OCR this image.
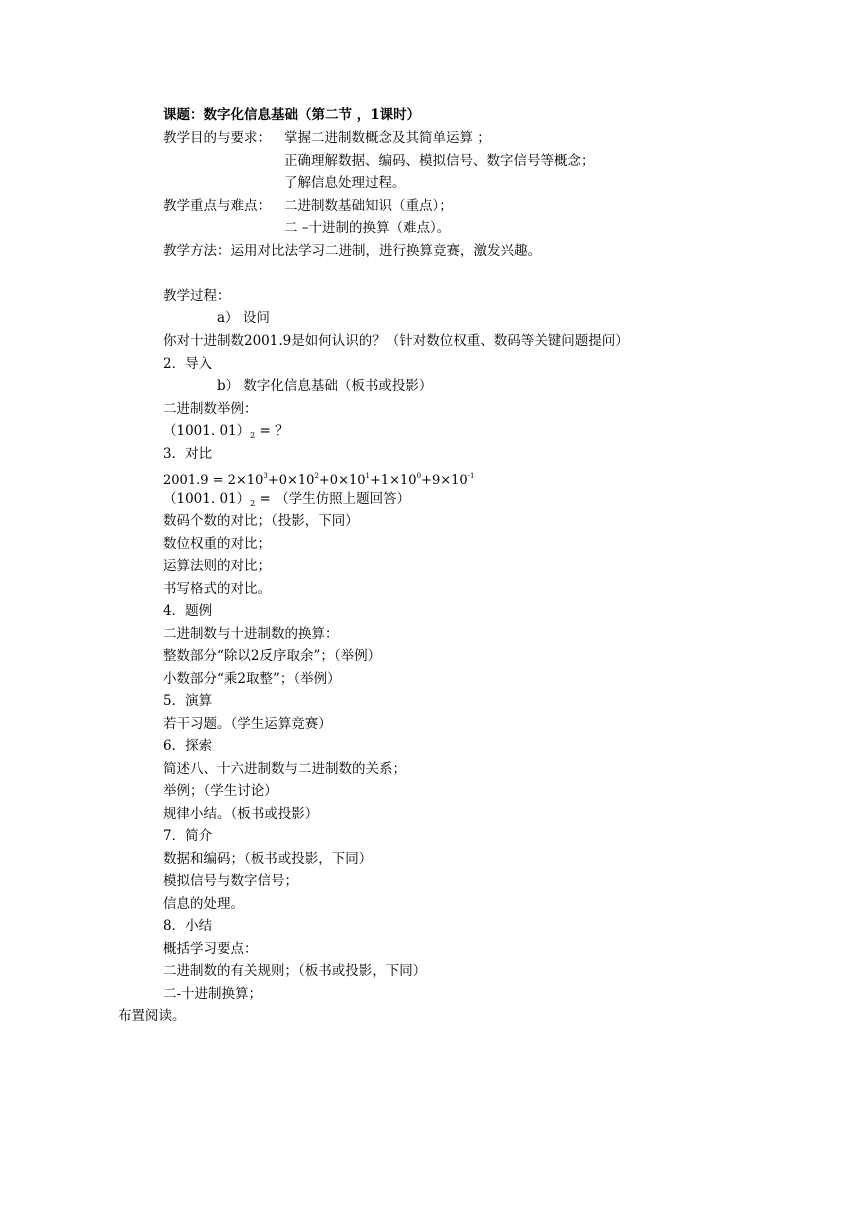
课题：数字化信息基础（第二节 ，1课时）
教学目的与要求： 掌握二进制数概念及其简单运算 ；
正确理解数据、编码、模拟信号、数字信号等概念；
了解信息处理过程。
教学重点与难点： 二进制数基础知识（重点）；
二 –十进制的换算（难点）。
教学方法：运用对比法学习二进制，进行换算竞赛，激发兴趣。
教学过程：
a） 设问
你对十进制数2001.9是如何认识的？（针对数位权重、数码等关键问题提问）
2．导入
b） 数字化信息基础（板书或投影）
二进制数举例：
（1001. $01)_2$ = ？
3．对比
$2001.9 = 2\times 10^3+0\times 10^2+0\times 10^1+1\times 10^0+9\times 10^{-1}$
（1001. $01)_2$ = （学生仿照上题回答）
数码个数的对比；（投影，下同）
数位权重的对比；
运算法则的对比；
书写格式的对比。
4．题例
二进制数与十进制数的换算：
整数部分“除以2反序取余”；（举例）
小数部分“乘2取整”；（举例）
5．演算
若干习题。（学生运算竞赛）
6．探索
简述八、十六进制数与二进制数的关系；
举例；（学生讨论）
规律小结。（板书或投影）
7．简介
数据和编码；（板书或投影，下同）
模拟信号与数字信号；
信息的处理。
8．小结
概括学习要点：
二进制数的有关规则；（板书或投影，下同）
二-十进制换算；
布置阅读。
